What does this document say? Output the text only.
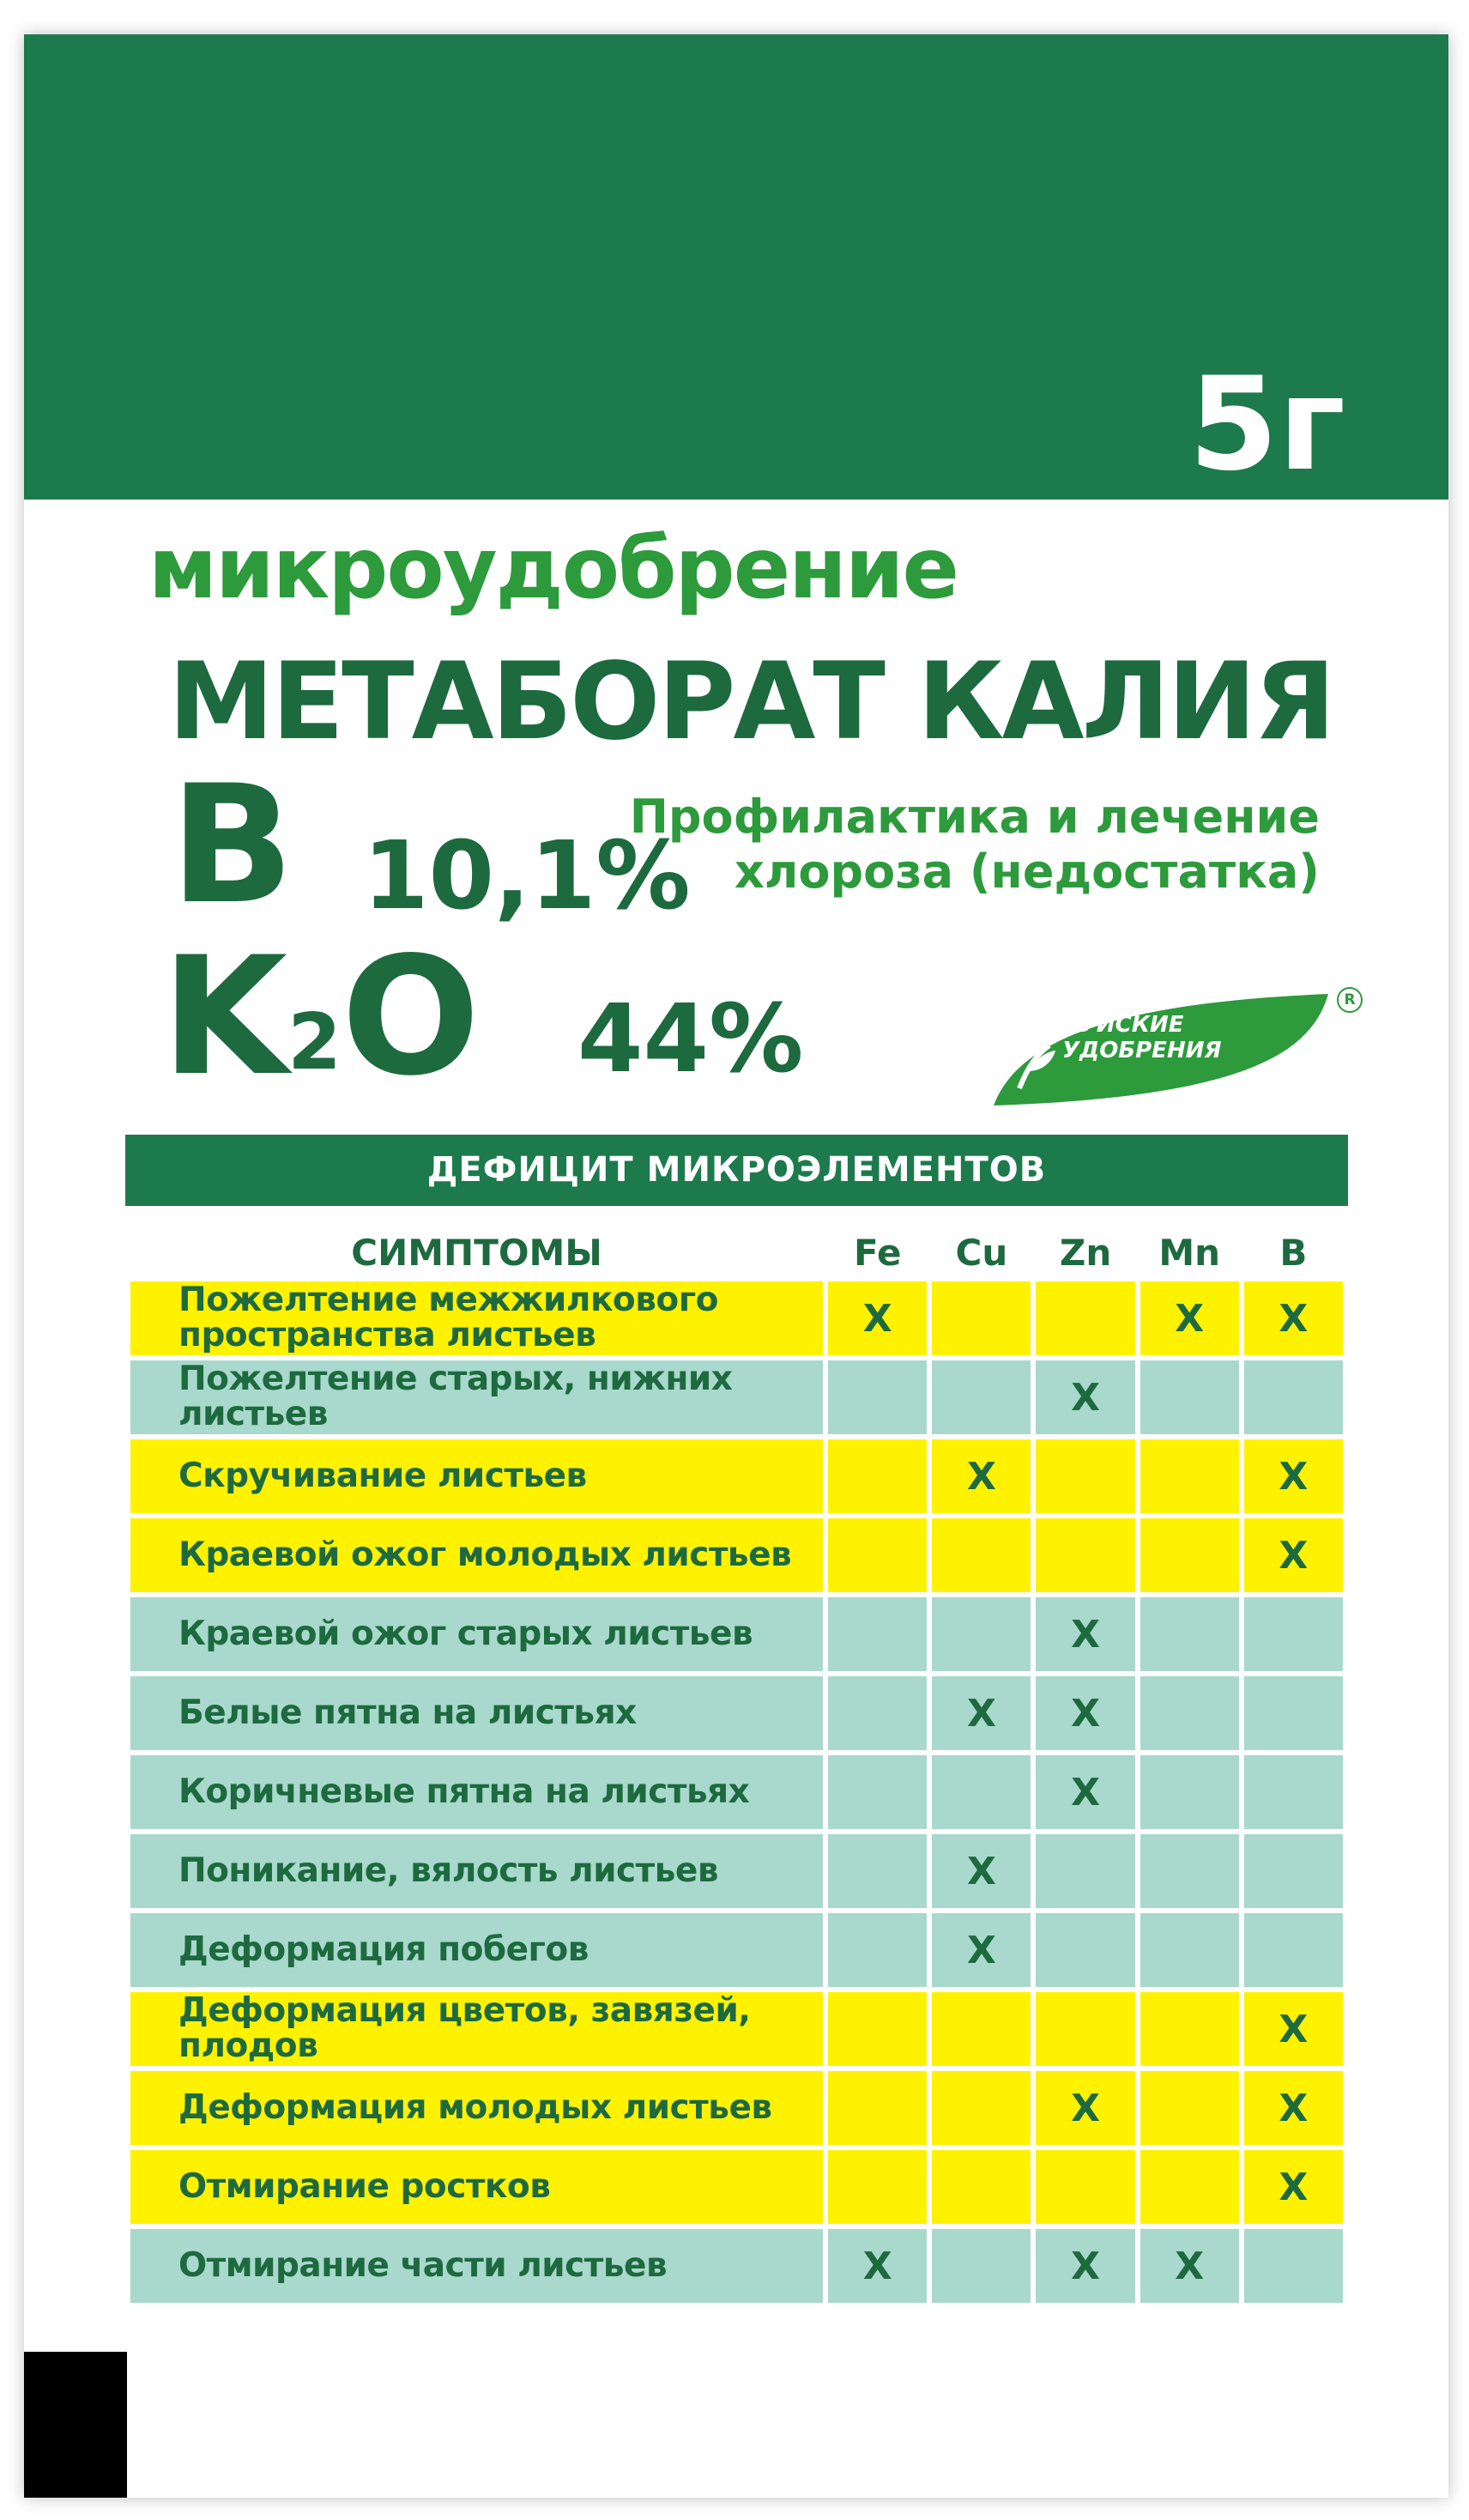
5г
микроудобрение
МЕТАБОРАТ КАЛИЯ
B 10,1%
$K_2O$ 44%
Профилактика и лечение
хлороза (недостатка)
БУЙСКИЕ
УДОБРЕНИЯ
R
ДЕФИЦИТ МИКРОЭЛЕМЕНТОВ
СИМПТОМЫ	Fe	Cu	Zn	Mn	B
Пожелтение межжилкового пространства листьев	X			X	X
Пожелтение старых, нижних листьев			X		
Скручивание листьев		X			X
Краевой ожог молодых листьев					X
Краевой ожог старых листьев			X		
Белые пятна на листьях		X	X		
Коричневые пятна на листьях			X		
Поникание, вялость листьев		X			
Деформация побегов		X			
Деформация цветов, завязей, плодов					X
Деформация молодых листьев			X		X
Отмирание ростков					X
Отмирание части листьев	X		X	X	
